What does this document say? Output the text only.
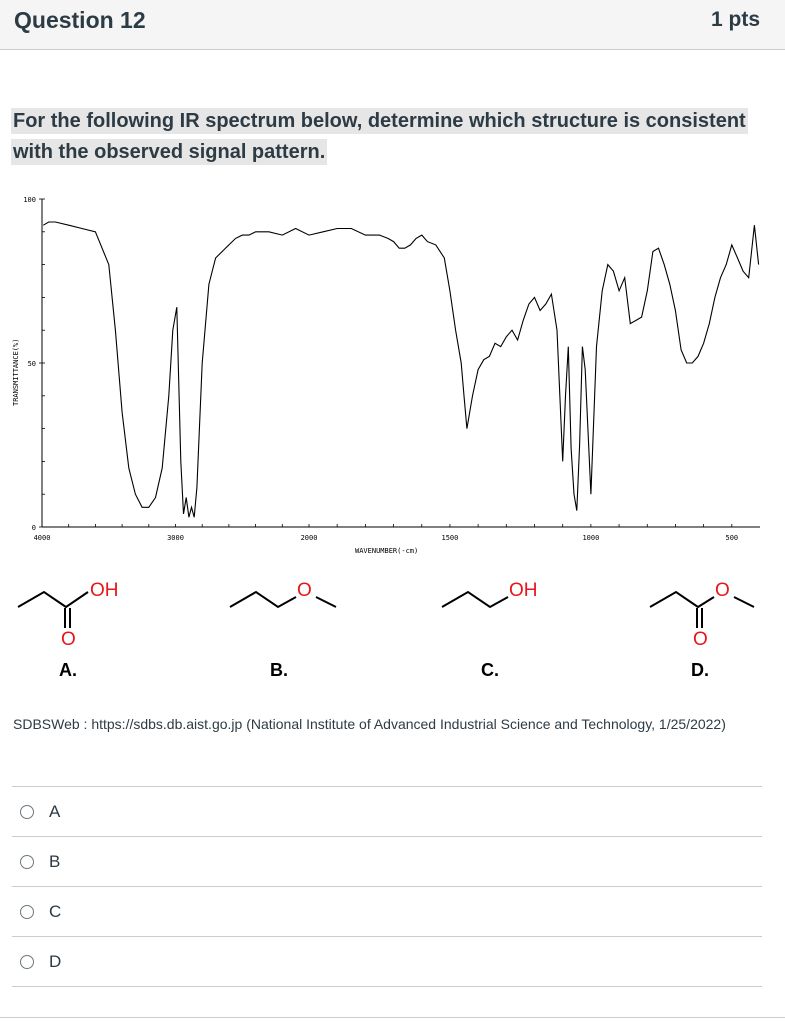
Question 12	1 pts
For the following IR spectrum below, determine which structure is consistent with the observed signal pattern.
100
50
0
4000	3000	2000	1500	1000	500
TRANSMITTANCE(%)
WAVENUMBER(-cm)
OH
O
A.
O
B.
OH
C.
O
O
D.
SDBSWeb : https://sdbs.db.aist.go.jp (National Institute of Advanced Industrial Science and Technology, 1/25/2022)
A
B
C
D
